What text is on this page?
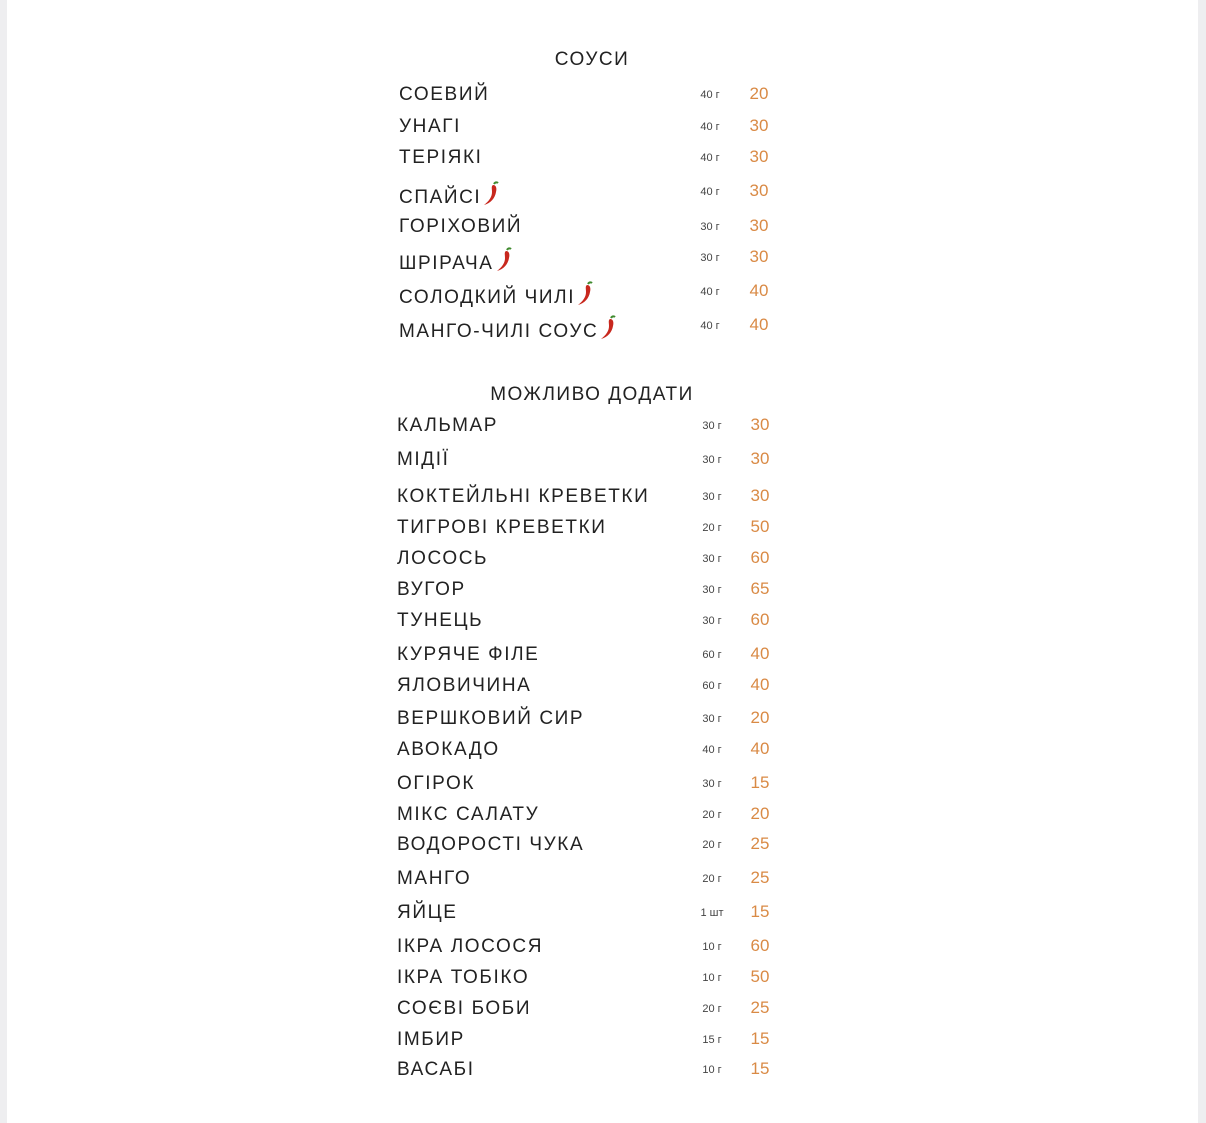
СОУСИ
СОЕВИЙ	40 г	20
УНАГІ	40 г	30
ТЕРІЯКІ	40 г	30
СПАЙСІ	40 г	30
ГОРІХОВИЙ	30 г	30
ШРІРАЧА	30 г	30
СОЛОДКИЙ ЧИЛІ	40 г	40
МАНГО-ЧИЛІ СОУС	40 г	40
МОЖЛИВО ДОДАТИ
КАЛЬМАР	30 г	30
МІДІЇ	30 г	30
КОКТЕЙЛЬНІ КРЕВЕТКИ	30 г	30
ТИГРОВІ КРЕВЕТКИ	20 г	50
ЛОСОСЬ	30 г	60
ВУГОР	30 г	65
ТУНЕЦЬ	30 г	60
КУРЯЧЕ ФІЛЕ	60 г	40
ЯЛОВИЧИНА	60 г	40
ВЕРШКОВИЙ СИР	30 г	20
АВОКАДО	40 г	40
ОГІРОК	30 г	15
МІКС САЛАТУ	20 г	20
ВОДОРОСТІ ЧУКА	20 г	25
МАНГО	20 г	25
ЯЙЦЕ	1 шт	15
ІКРА ЛОСОСЯ	10 г	60
ІКРА ТОБІКО	10 г	50
СОЄВІ БОБИ	20 г	25
ІМБИР	15 г	15
ВАСАБІ	10 г	15
